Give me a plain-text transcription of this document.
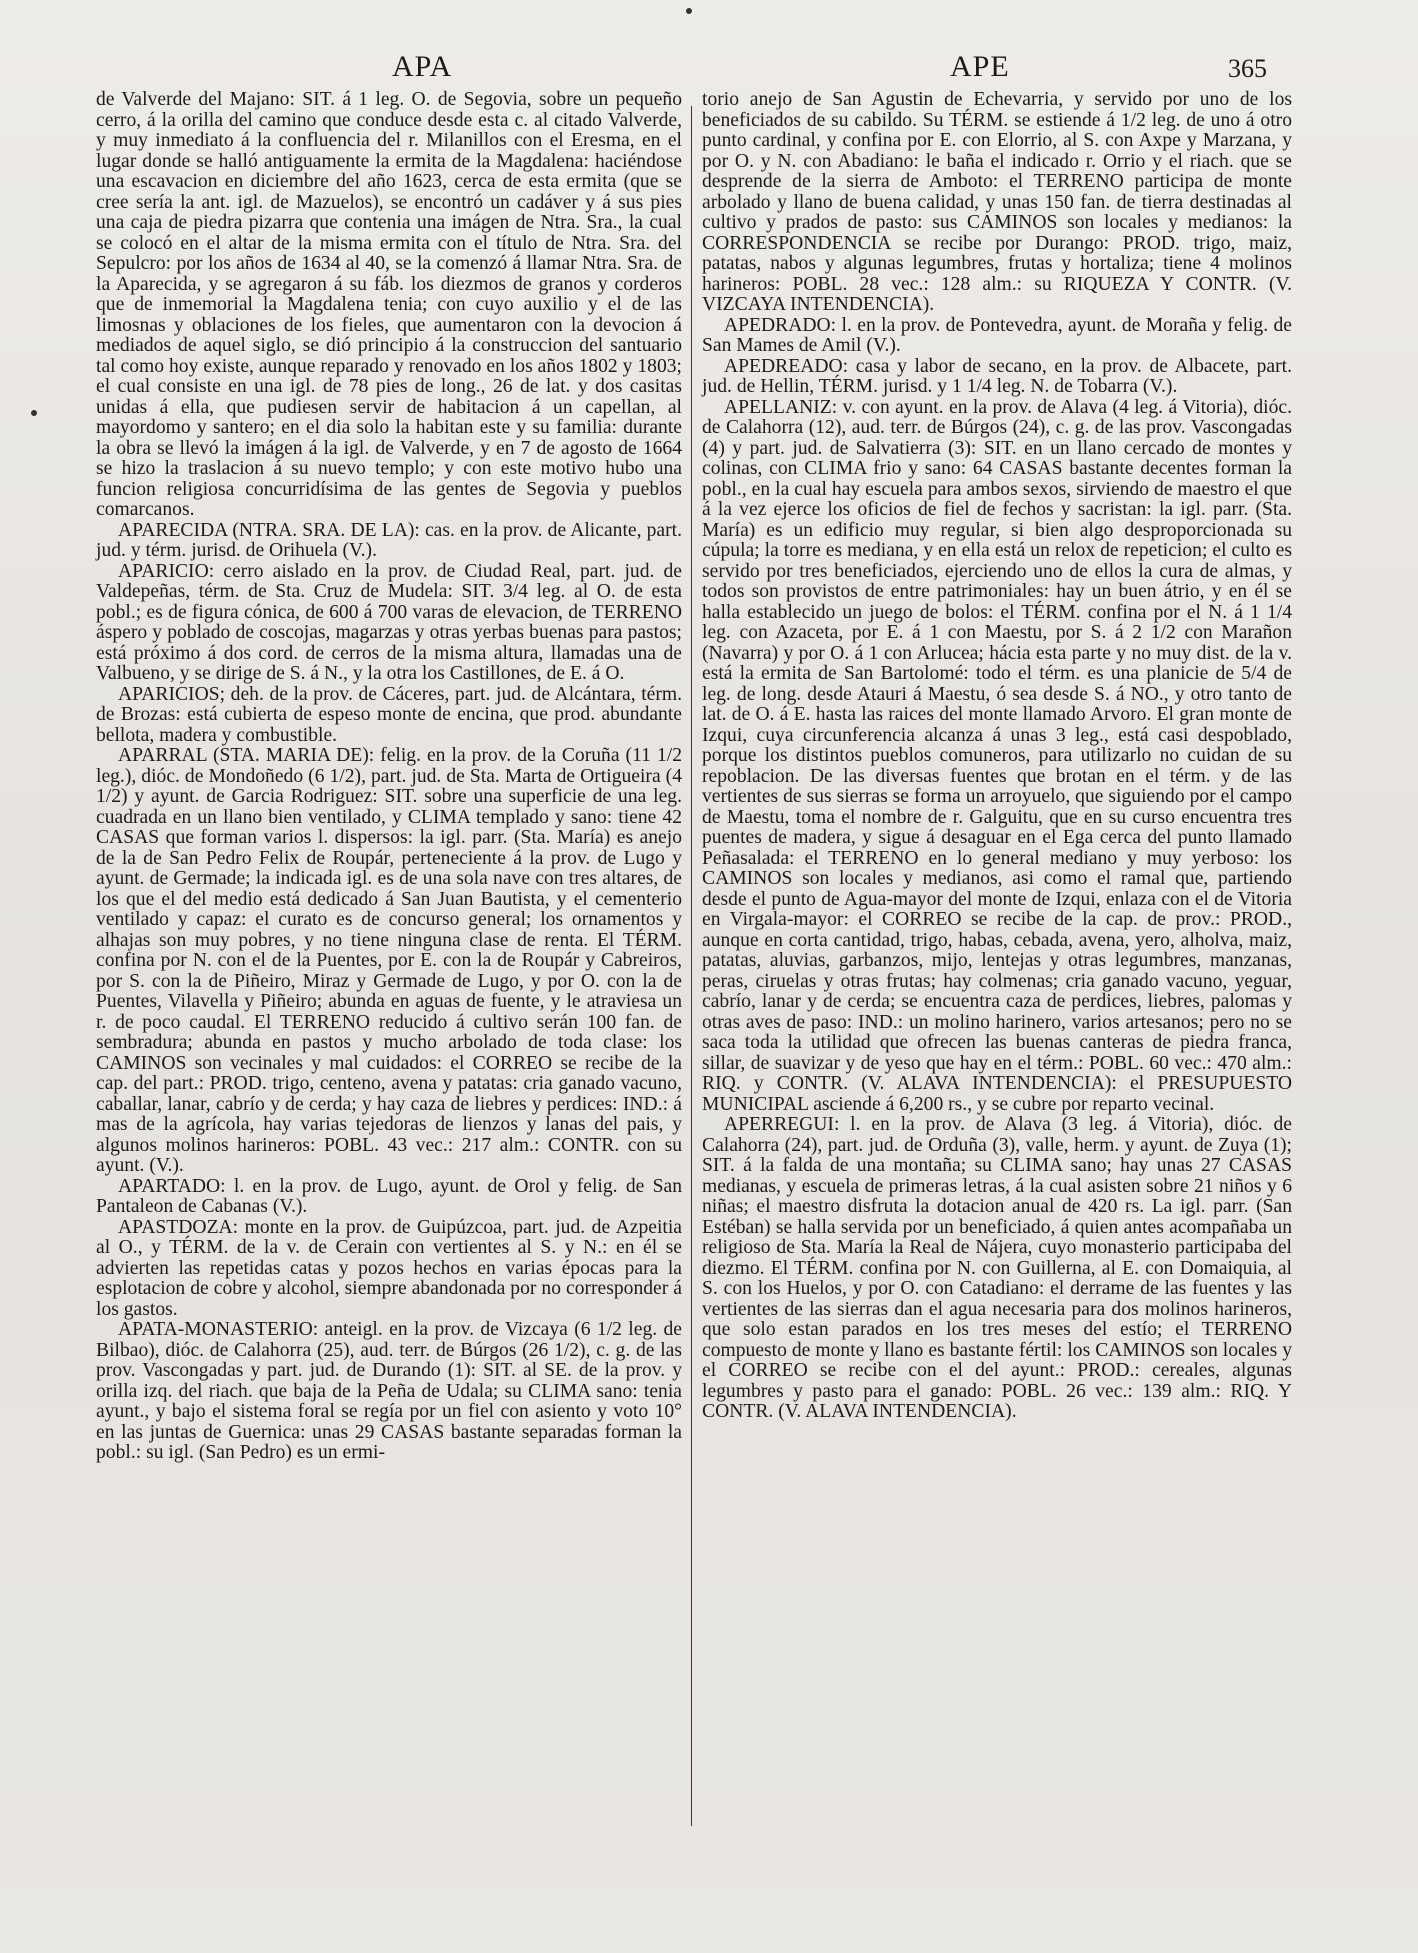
APA	APE	365

de Valverde del Majano: SIT. á 1 leg. O. de Segovia, sobre un pequeño cerro, á la orilla del camino que conduce desde esta c. al citado Valverde, y muy inmediato á la confluencia del r. Milanillos con el Eresma, en el lugar donde se halló antiguamente la ermita de la Magdalena: haciéndose una escavacion en diciembre del año 1623, cerca de esta ermita (que se cree sería la ant. igl. de Mazuelos), se encontró un cadáver y á sus pies una caja de piedra pizarra que contenia una imágen de Ntra. Sra., la cual se colocó en el altar de la misma ermita con el título de Ntra. Sra. del Sepulcro: por los años de 1634 al 40, se la comenzó á llamar Ntra. Sra. de la Aparecida, y se agregaron á su fáb. los diezmos de granos y corderos que de inmemorial la Magdalena tenia; con cuyo auxilio y el de las limosnas y oblaciones de los fieles, que aumentaron con la devocion á mediados de aquel siglo, se dió principio á la construccion del santuario tal como hoy existe, aunque reparado y renovado en los años 1802 y 1803; el cual consiste en una igl. de 78 pies de long., 26 de lat. y dos casitas unidas á ella, que pudiesen servir de habitacion á un capellan, al mayordomo y santero; en el dia solo la habitan este y su familia: durante la obra se llevó la imágen á la igl. de Valverde, y en 7 de agosto de 1664 se hizo la traslacion á su nuevo templo; y con este motivo hubo una funcion religiosa concurridísima de las gentes de Segovia y pueblos comarcanos.

APARECIDA (NTRA. SRA. DE LA): cas. en la prov. de Alicante, part. jud. y térm. jurisd. de Orihuela (V.).

APARICIO: cerro aislado en la prov. de Ciudad Real, part. jud. de Valdepeñas, térm. de Sta. Cruz de Mudela: SIT. 3/4 leg. al O. de esta pobl.; es de figura cónica, de 600 á 700 varas de elevacion, de TERRENO áspero y poblado de coscojas, magarzas y otras yerbas buenas para pastos; está próximo á dos cord. de cerros de la misma altura, llamadas una de Valbueno, y se dirige de S. á N., y la otra los Castillones, de E. á O.

APARICIOS; deh. de la prov. de Cáceres, part. jud. de Alcántara, térm. de Brozas: está cubierta de espeso monte de encina, que prod. abundante bellota, madera y combustible.

APARRAL (STA. MARIA DE): felig. en la prov. de la Coruña (11 1/2 leg.), dióc. de Mondoñedo (6 1/2), part. jud. de Sta. Marta de Ortigueira (4 1/2) y ayunt. de Garcia Rodriguez: SIT. sobre una superficie de una leg. cuadrada en un llano bien ventilado, y CLIMA templado y sano: tiene 42 CASAS que forman varios l. dispersos: la igl. parr. (Sta. María) es anejo de la de San Pedro Felix de Roupár, perteneciente á la prov. de Lugo y ayunt. de Germade; la indicada igl. es de una sola nave con tres altares, de los que el del medio está dedicado á San Juan Bautista, y el cementerio ventilado y capaz: el curato es de concurso general; los ornamentos y alhajas son muy pobres, y no tiene ninguna clase de renta. El TÉRM. confina por N. con el de la Puentes, por E. con la de Roupár y Cabreiros, por S. con la de Piñeiro, Miraz y Germade de Lugo, y por O. con la de Puentes, Vilavella y Piñeiro; abunda en aguas de fuente, y le atraviesa un r. de poco caudal. El TERRENO reducido á cultivo serán 100 fan. de sembradura; abunda en pastos y mucho arbolado de toda clase: los CAMINOS son vecinales y mal cuidados: el CORREO se recibe de la cap. del part.: PROD. trigo, centeno, avena y patatas: cria ganado vacuno, caballar, lanar, cabrío y de cerda; y hay caza de liebres y perdices: IND.: á mas de la agrícola, hay varias tejedoras de lienzos y lanas del pais, y algunos molinos harineros: POBL. 43 vec.: 217 alm.: CONTR. con su ayunt. (V.).

APARTADO: l. en la prov. de Lugo, ayunt. de Orol y felig. de San Pantaleon de Cabanas (V.).

APASTDOZA: monte en la prov. de Guipúzcoa, part. jud. de Azpeitia al O., y TÉRM. de la v. de Cerain con vertientes al S. y N.: en él se advierten las repetidas catas y pozos hechos en varias épocas para la esplotacion de cobre y alcohol, siempre abandonada por no corresponder á los gastos.

APATA-MONASTERIO: anteigl. en la prov. de Vizcaya (6 1/2 leg. de Bilbao), dióc. de Calahorra (25), aud. terr. de Búrgos (26 1/2), c. g. de las prov. Vascongadas y part. jud. de Durando (1): SIT. al SE. de la prov. y orilla izq. del riach. que baja de la Peña de Udala; su CLIMA sano: tenia ayunt., y bajo el sistema foral se regía por un fiel con asiento y voto 10° en las juntas de Guernica: unas 29 CASAS bastante separadas forman la pobl.: su igl. (San Pedro) es un ermi-

torio anejo de San Agustin de Echevarria, y servido por uno de los beneficiados de su cabildo. Su TÉRM. se estiende á 1/2 leg. de uno á otro punto cardinal, y confina por E. con Elorrio, al S. con Axpe y Marzana, y por O. y N. con Abadiano: le baña el indicado r. Orrio y el riach. que se desprende de la sierra de Amboto: el TERRENO participa de monte arbolado y llano de buena calidad, y unas 150 fan. de tierra destinadas al cultivo y prados de pasto: sus CAMINOS son locales y medianos: la CORRESPONDENCIA se recibe por Durango: PROD. trigo, maiz, patatas, nabos y algunas legumbres, frutas y hortaliza; tiene 4 molinos harineros: POBL. 28 vec.: 128 alm.: su RIQUEZA Y CONTR. (V. VIZCAYA INTENDENCIA).

APEDRADO: l. en la prov. de Pontevedra, ayunt. de Moraña y felig. de San Mames de Amil (V.).

APEDREADO: casa y labor de secano, en la prov. de Albacete, part. jud. de Hellin, TÉRM. jurisd. y 1 1/4 leg. N. de Tobarra (V.).

APELLANIZ: v. con ayunt. en la prov. de Alava (4 leg. á Vitoria), dióc. de Calahorra (12), aud. terr. de Búrgos (24), c. g. de las prov. Vascongadas (4) y part. jud. de Salvatierra (3): SIT. en un llano cercado de montes y colinas, con CLIMA frio y sano: 64 CASAS bastante decentes forman la pobl., en la cual hay escuela para ambos sexos, sirviendo de maestro el que á la vez ejerce los oficios de fiel de fechos y sacristan: la igl. parr. (Sta. María) es un edificio muy regular, si bien algo desproporcionada su cúpula; la torre es mediana, y en ella está un relox de repeticion; el culto es servido por tres beneficiados, ejerciendo uno de ellos la cura de almas, y todos son provistos de entre patrimoniales: hay un buen átrio, y en él se halla establecido un juego de bolos: el TÉRM. confina por el N. á 1 1/4 leg. con Azaceta, por E. á 1 con Maestu, por S. á 2 1/2 con Marañon (Navarra) y por O. á 1 con Arlucea; hácia esta parte y no muy dist. de la v. está la ermita de San Bartolomé: todo el térm. es una planicie de 5/4 de leg. de long. desde Atauri á Maestu, ó sea desde S. á NO., y otro tanto de lat. de O. á E. hasta las raices del monte llamado Arvoro. El gran monte de Izqui, cuya circunferencia alcanza á unas 3 leg., está casi despoblado, porque los distintos pueblos comuneros, para utilizarlo no cuidan de su repoblacion. De las diversas fuentes que brotan en el térm. y de las vertientes de sus sierras se forma un arroyuelo, que siguiendo por el campo de Maestu, toma el nombre de r. Galguitu, que en su curso encuentra tres puentes de madera, y sigue á desaguar en el Ega cerca del punto llamado Peñasalada: el TERRENO en lo general mediano y muy yerboso: los CAMINOS son locales y medianos, asi como el ramal que, partiendo desde el punto de Agua-mayor del monte de Izqui, enlaza con el de Vitoria en Virgala-mayor: el CORREO se recibe de la cap. de prov.: PROD., aunque en corta cantidad, trigo, habas, cebada, avena, yero, alholva, maiz, patatas, aluvias, garbanzos, mijo, lentejas y otras legumbres, manzanas, peras, ciruelas y otras frutas; hay colmenas; cria ganado vacuno, yeguar, cabrío, lanar y de cerda; se encuentra caza de perdices, liebres, palomas y otras aves de paso: IND.: un molino harinero, varios artesanos; pero no se saca toda la utilidad que ofrecen las buenas canteras de piedra franca, sillar, de suavizar y de yeso que hay en el térm.: POBL. 60 vec.: 470 alm.: RIQ. y CONTR. (V. ALAVA INTENDENCIA): el PRESUPUESTO MUNICIPAL asciende á 6,200 rs., y se cubre por reparto vecinal.

APERREGUI: l. en la prov. de Alava (3 leg. á Vitoria), dióc. de Calahorra (24), part. jud. de Orduña (3), valle, herm. y ayunt. de Zuya (1); SIT. á la falda de una montaña; su CLIMA sano; hay unas 27 CASAS medianas, y escuela de primeras letras, á la cual asisten sobre 21 niños y 6 niñas; el maestro disfruta la dotacion anual de 420 rs. La igl. parr. (San Estéban) se halla servida por un beneficiado, á quien antes acompañaba un religioso de Sta. María la Real de Nájera, cuyo monasterio participaba del diezmo. El TÉRM. confina por N. con Guillerna, al E. con Domaiquia, al S. con los Huelos, y por O. con Catadiano: el derrame de las fuentes y las vertientes de las sierras dan el agua necesaria para dos molinos harineros, que solo estan parados en los tres meses del estío; el TERRENO compuesto de monte y llano es bastante fértil: los CAMINOS son locales y el CORREO se recibe con el del ayunt.: PROD.: cereales, algunas legumbres y pasto para el ganado: POBL. 26 vec.: 139 alm.: RIQ. Y CONTR. (V. ALAVA INTENDENCIA).
